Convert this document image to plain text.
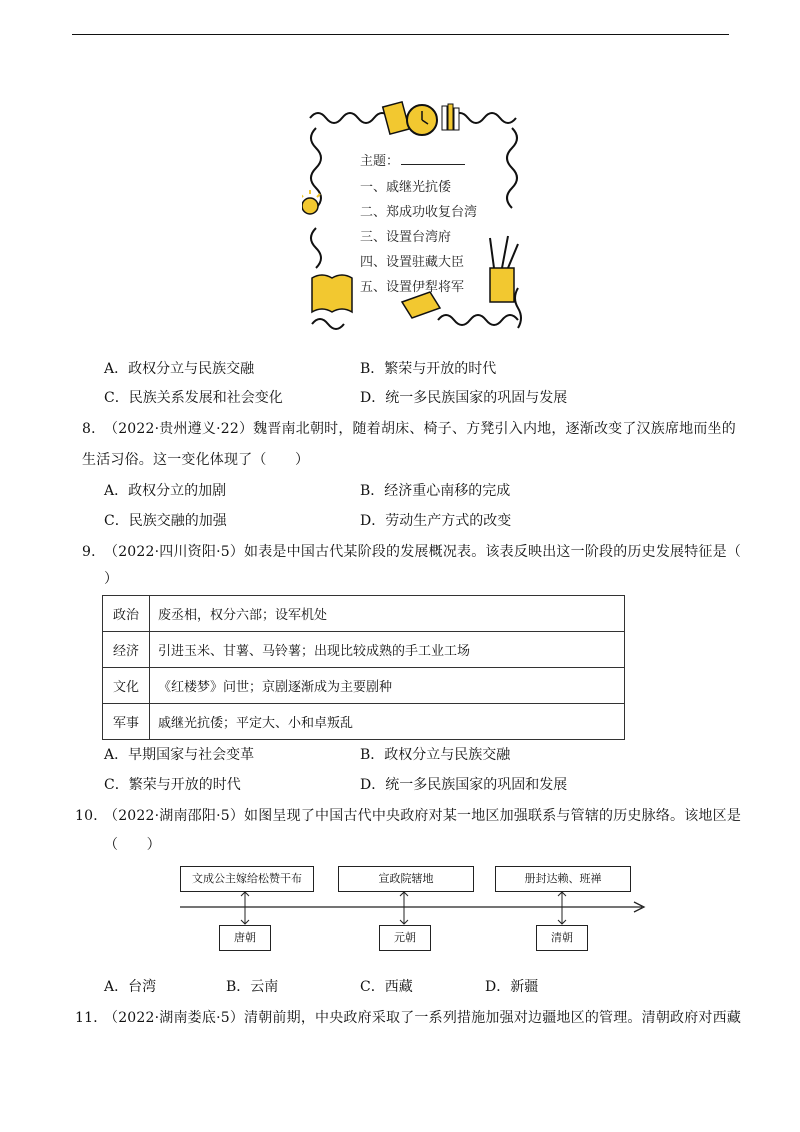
主题：
一、戚继光抗倭
二、郑成功收复台湾
三、设置台湾府
四、设置驻藏大臣
五、设置伊犁将军
A．政权分立与民族交融	B．繁荣与开放的时代
C．民族关系发展和社会变化	D．统一多民族国家的巩固与发展
8．
（2022·贵州遵义·22）魏晋南北朝时，随着胡床、椅子、方凳引入内地，逐渐改变了汉族席地而坐的
生活习俗。这一变化体现了（　　）
A．政权分立的加剧	B．经济重心南移的完成
C．民族交融的加强	D．劳动生产方式的改变
9．
（2022·四川资阳·5）如表是中国古代某阶段的发展概况表。该表反映出这一阶段的历史发展特征是（
）
政治	废丞相，权分六部；设军机处
经济	引进玉米、甘薯、马铃薯；出现比较成熟的手工业工场
文化	《红楼梦》问世；京剧逐渐成为主要剧种
军事	戚继光抗倭；平定大、小和卓叛乱
A．早期国家与社会变革	B．政权分立与民族交融
C．繁荣与开放的时代	D．统一多民族国家的巩固和发展
10．
（2022·湖南邵阳·5）如图呈现了中国古代中央政府对某一地区加强联系与管辖的历史脉络。该地区是
（　　）
文成公主嫁给松赞干布	宣政院辖地	册封达赖、班禅
唐朝	元朝	清朝
A．台湾	B．云南	C．西藏	D．新疆
11．
（2022·湖南娄底·5）清朝前期，中央政府采取了一系列措施加强对边疆地区的管理。清朝政府对西藏
